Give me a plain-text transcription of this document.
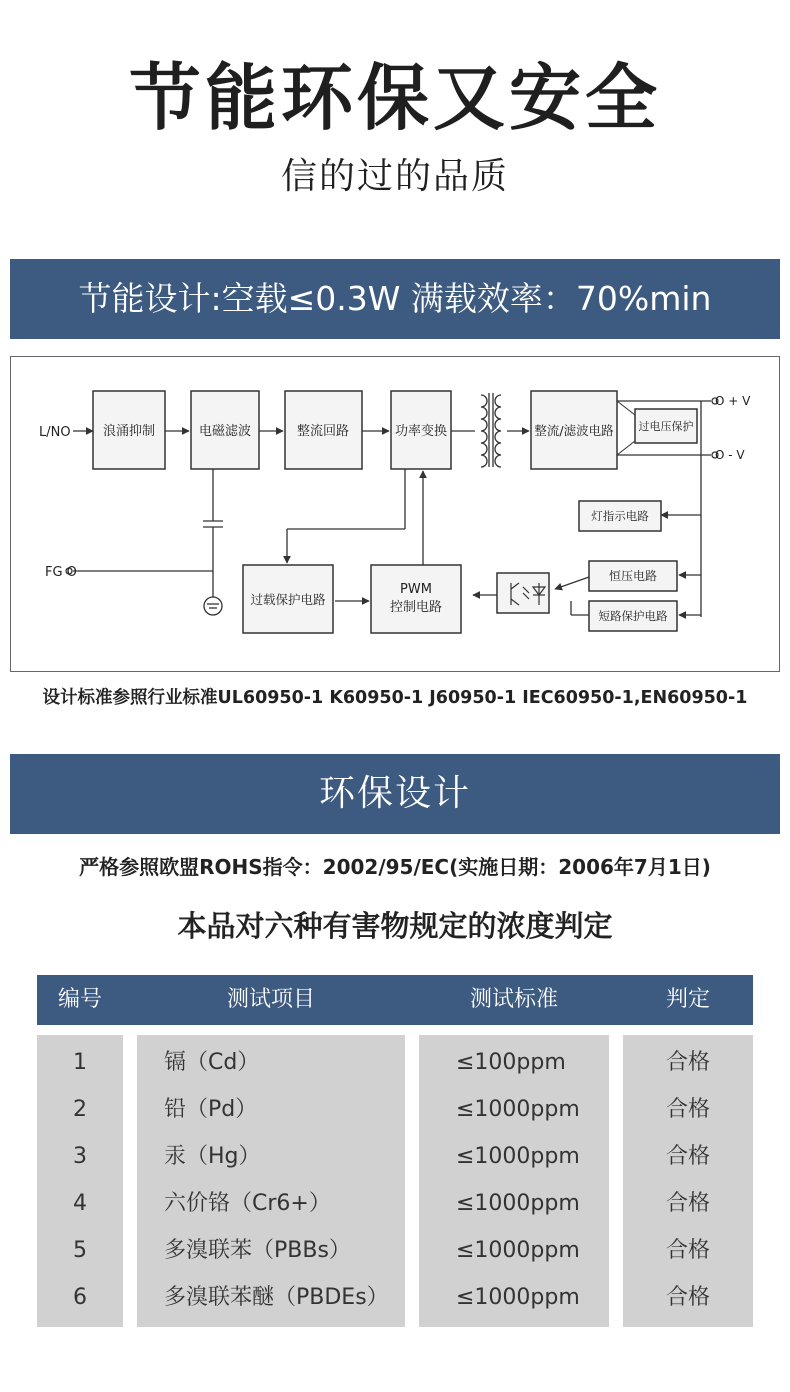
节能环保又安全
信的过的品质
节能设计:空载≤0.3W 满载效率：70%min
L/NO
FG O
O + V
O - V
浪涌抑制	电磁滤波	整流回路	功率变换	整流/滤波电路 过电压保护
灯指示电路
恒压电路
短路保护电路
过载保护电路
PWM
控制电路
设计标准参照行业标准UL60950-1 K60950-1 J60950-1 IEC60950-1,EN60950-1
环保设计
严格参照欧盟ROHS指令：2002/95/EC(实施日期：2006年7月1日)
本品对六种有害物规定的浓度判定
编号	测试项目	测试标准	判定
1	镉（Cd）	≤100ppm	合格
2	铅（Pd）	≤1000ppm	合格
3	汞（Hg）	≤1000ppm	合格
4	六价铬（Cr6+）	≤1000ppm	合格
5	多溴联苯（PBBs）	≤1000ppm	合格
6	多溴联苯醚（PBDEs）	≤1000ppm	合格
